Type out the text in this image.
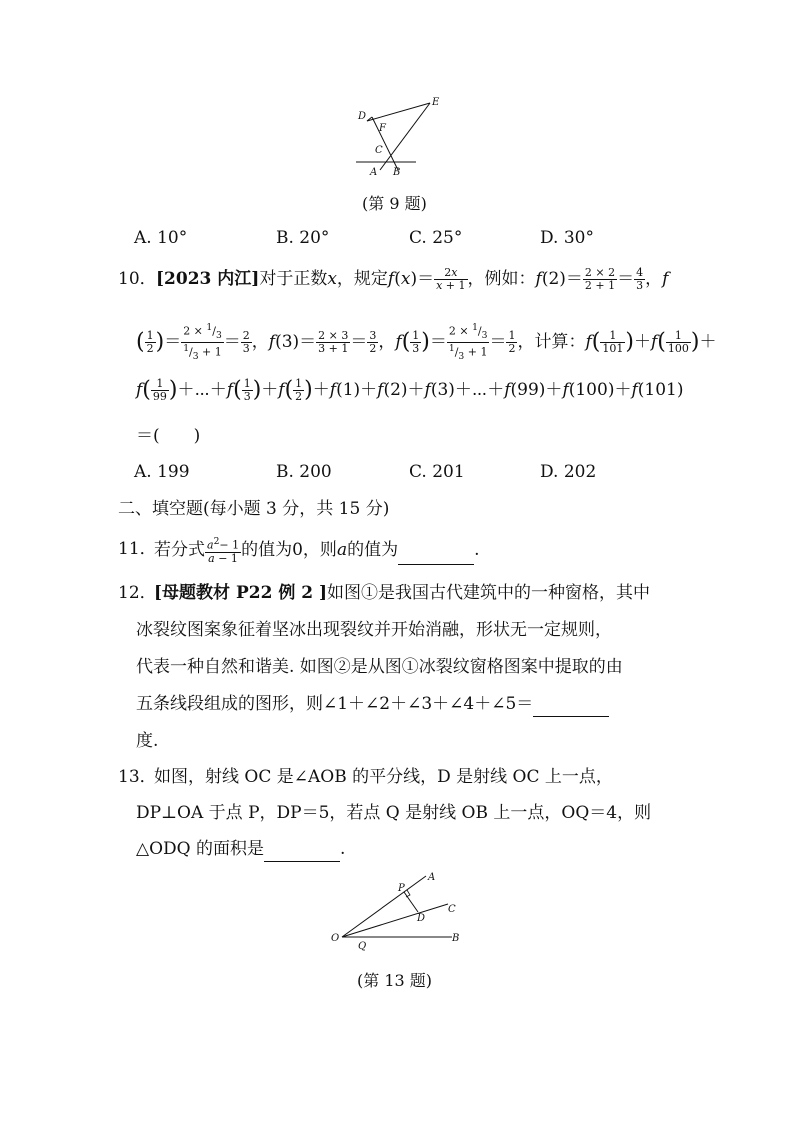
D
E
F
C
A B
(第 9 题)
A. 10°	B. 20°	C. 25°	D. 30°
10． [2023 内江]对于正数x，规定$f(x)= \frac{2x}{x + 1}$ ，例如：$f(2)= \frac{2 \times 2}{2 + 1} = \frac{4}{3}$ ，f
( $\frac{1}{2}$ )＝ $\frac{2 \times ^1/_3}{^1/_3 + 1} = \frac{2}{3}$ ，$f(3)= \frac{2 \times 3}{3 + 1} = \frac{3}{2}$ ，$f( \frac{1}{3}$ )＝ $\frac{2 \times ^1/_3}{^1/_3 + 1} = \frac{1}{2}$ ，计算：$f( \frac{1}{101} )+f( \frac{1}{100}$ )＋
$f( \frac{1}{99}$ )＋⋯＋f( $\frac{1}{3} )+f( \frac{1}{2}$ )＋f(1)＋f(2)＋f(3)＋⋯＋f(99)＋f(100)＋f(101)
＝(　　)
A. 199	B. 200	C. 201	D. 202
二、填空题(每小题 3 分，共 15 分)
11．
若分式 $\frac{a^2- 1}{a - 1}$ 的值为0，则a的值为	.
12．
[母题教材 P22 例 2 ]如图①是我国古代建筑中的一种窗格，其中
冰裂纹图案象征着坚冰出现裂纹并开始消融，形状无一定规则，
代表一种自然和谐美. 如图②是从图①冰裂纹窗格图案中提取的由
五条线段组成的图形，则∠1＋∠2＋∠3＋∠4＋∠5＝
度.
13．
如图，射线 OC 是∠AOB 的平分线，D 是射线 OC 上一点，
DP⊥OA 于点 P，DP＝5，若点 Q 是射线 OB 上一点，OQ＝4，则
△ODQ 的面积是	.
O
P
A
D
C
Q
B
(第 13 题)
